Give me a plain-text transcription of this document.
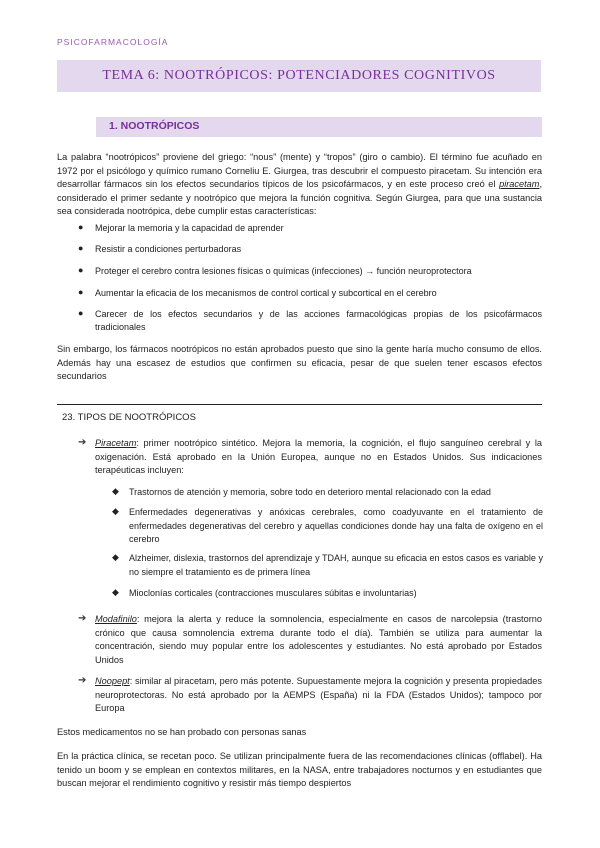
PSICOFARMACOLOGÍA
TEMA 6: NOOTRÓPICOS: POTENCIADORES COGNITIVOS
1. NOOTRÓPICOS
La palabra “nootrópicos” proviene del griego: “nous” (mente) y “tropos” (giro o cambio). El término fue acuñado en 1972 por el psicólogo y químico rumano Corneliu E. Giurgea, tras descubrir el compuesto piracetam. Su intención era desarrollar fármacos sin los efectos secundarios típicos de los psicofármacos, y en este proceso creó el piracetam, considerado el primer sedante y nootrópico que mejora la función cognitiva. Según Giurgea, para que una sustancia sea considerada nootrópica, debe cumplir estas características:
● Mejorar la memoria y la capacidad de aprender
● Resistir a condiciones perturbadoras
● Proteger el cerebro contra lesiones físicas o químicas (infecciones) → función neuroprotectora
● Aumentar la eficacia de los mecanismos de control cortical y subcortical en el cerebro
● Carecer de los efectos secundarios y de las acciones farmacológicas propias de los psicofármacos tradicionales
Sin embargo, los fármacos nootrópicos no están aprobados puesto que sino la gente haría mucho consumo de ellos. Además hay una escasez de estudios que confirmen su eficacia, pesar de que suelen tener escasos efectos secundarios
23. TIPOS DE NOOTRÓPICOS
➔ Piracetam: primer nootrópico sintético. Mejora la memoria, la cognición, el flujo sanguíneo cerebral y la oxigenación. Está aprobado en la Unión Europea, aunque no en Estados Unidos. Sus indicaciones terapéuticas incluyen:
◆ Trastornos de atención y memoria, sobre todo en deterioro mental relacionado con la edad
◆ Enfermedades degenerativas y anóxicas cerebrales, como coadyuvante en el tratamiento de enfermedades degenerativas del cerebro y aquellas condiciones donde hay una falta de oxígeno en el cerebro
◆ Alzheimer, dislexia, trastornos del aprendizaje y TDAH, aunque su eficacia en estos casos es variable y no siempre el tratamiento es de primera línea
◆ Mioclonías corticales (contracciones musculares súbitas e involuntarias)
➔ Modafinilo: mejora la alerta y reduce la somnolencia, especialmente en casos de narcolepsia (trastorno crónico que causa somnolencia extrema durante todo el día). También se utiliza para aumentar la concentración, siendo muy popular entre los adolescentes y estudiantes. No está aprobado por Estados Unidos
➔ Noopept: similar al piracetam, pero más potente. Supuestamente mejora la cognición y presenta propiedades neuroprotectoras. No está aprobado por la AEMPS (España) ni la FDA (Estados Unidos); tampoco por Europa
Estos medicamentos no se han probado con personas sanas
En la práctica clínica, se recetan poco. Se utilizan principalmente fuera de las recomendaciones clínicas (offlabel). Ha tenido un boom y se emplean en contextos militares, en la NASA, entre trabajadores nocturnos y en estudiantes que buscan mejorar el rendimiento cognitivo y resistir más tiempo despiertos
